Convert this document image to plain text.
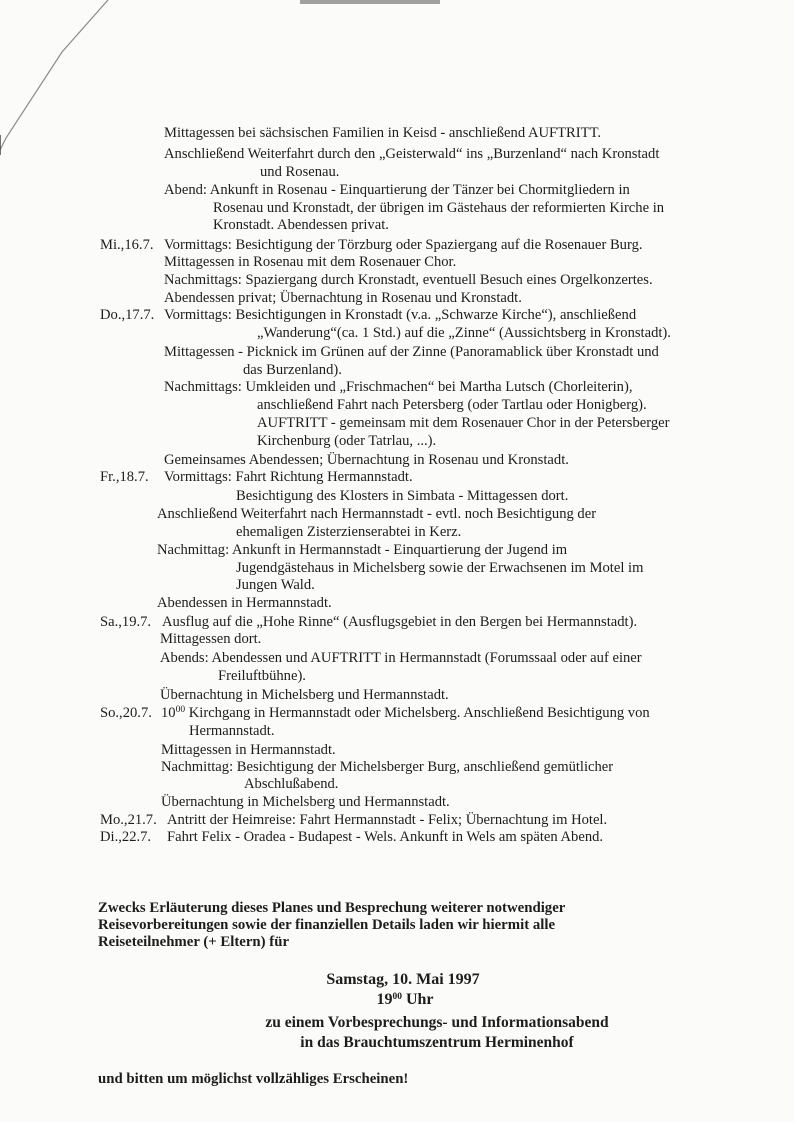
Mittagessen bei sächsischen Familien in Keisd - anschließend AUFTRITT.
Anschließend Weiterfahrt durch den „Geisterwald“ ins „Burzenland“ nach Kronstadt
und Rosenau.
Abend: Ankunft in Rosenau - Einquartierung der Tänzer bei Chormitgliedern in
Rosenau und Kronstadt, der übrigen im Gästehaus der reformierten Kirche in
Kronstadt. Abendessen privat.
Mi.,16.7. Vormittags: Besichtigung der Törzburg oder Spaziergang auf die Rosenauer Burg.
Mittagessen in Rosenau mit dem Rosenauer Chor.
Nachmittags: Spaziergang durch Kronstadt, eventuell Besuch eines Orgelkonzertes.
Abendessen privat; Übernachtung in Rosenau und Kronstadt.
Do.,17.7. Vormittags: Besichtigungen in Kronstadt (v.a. „Schwarze Kirche“), anschließend
„Wanderung“(ca. 1 Std.) auf die „Zinne“ (Aussichtsberg in Kronstadt).
Mittagessen - Picknick im Grünen auf der Zinne (Panoramablick über Kronstadt und
das Burzenland).
Nachmittags: Umkleiden und „Frischmachen“ bei Martha Lutsch (Chorleiterin),
anschließend Fahrt nach Petersberg (oder Tartlau oder Honigberg).
AUFTRITT - gemeinsam mit dem Rosenauer Chor in der Petersberger
Kirchenburg (oder Tatrlau, ...).
Gemeinsames Abendessen; Übernachtung in Rosenau und Kronstadt.
Fr.,18.7. Vormittags: Fahrt Richtung Hermannstadt.
Besichtigung des Klosters in Simbata - Mittagessen dort.
Anschließend Weiterfahrt nach Hermannstadt - evtl. noch Besichtigung der
ehemaligen Zisterzienserabtei in Kerz.
Nachmittag: Ankunft in Hermannstadt - Einquartierung der Jugend im
Jugendgästehaus in Michelsberg sowie der Erwachsenen im Motel im
Jungen Wald.
Abendessen in Hermannstadt.
Sa.,19.7. Ausflug auf die „Hohe Rinne“ (Ausflugsgebiet in den Bergen bei Hermannstadt).
Mittagessen dort.
Abends: Abendessen und AUFTRITT in Hermannstadt (Forumssaal oder auf einer
Freiluftbühne).
Übernachtung in Michelsberg und Hermannstadt.
So.,20.7. $10^{00}$ Kirchgang in Hermannstadt oder Michelsberg. Anschließend Besichtigung von
Hermannstadt.
Mittagessen in Hermannstadt.
Nachmittag: Besichtigung der Michelsberger Burg, anschließend gemütlicher
Abschlußabend.
Übernachtung in Michelsberg und Hermannstadt.
Mo.,21.7. Antritt der Heimreise: Fahrt Hermannstadt - Felix; Übernachtung im Hotel.
Di.,22.7. Fahrt Felix - Oradea - Budapest - Wels. Ankunft in Wels am späten Abend.
Zwecks Erläuterung dieses Planes und Besprechung weiterer notwendiger
Reisevorbereitungen sowie der finanziellen Details laden wir hiermit alle
Reiseteilnehmer (+ Eltern) für
Samstag, 10. Mai 1997
$19^{00}$ Uhr
zu einem Vorbesprechungs- und Informationsabend
in das Brauchtumszentrum Herminenhof
und bitten um möglichst vollzähliges Erscheinen!
